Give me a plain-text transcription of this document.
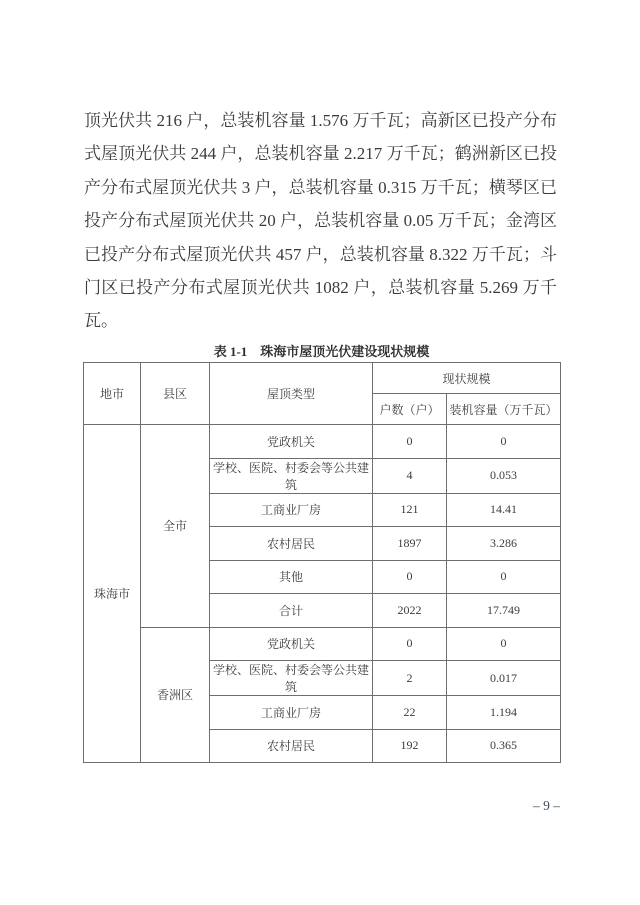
顶光伏共 216 户，总装机容量 1.576 万千瓦；高新区已投产分布
式屋顶光伏共 244 户，总装机容量 2.217 万千瓦；鹤洲新区已投
产分布式屋顶光伏共 3 户，总装机容量 0.315 万千瓦；横琴区已
投产分布式屋顶光伏共 20 户，总装机容量 0.05 万千瓦；金湾区
已投产分布式屋顶光伏共 457 户，总装机容量 8.322 万千瓦；斗
门区已投产分布式屋顶光伏共 1082 户，总装机容量 5.269 万千
瓦。
表 1-1　珠海市屋顶光伏建设现状规模
地市	县区	屋顶类型	现状规模	
			户数（户）	装机容量（万千瓦）
珠海市	全市	党政机关	0	0
		学校、医院、村委会等公共建筑	4	0.053
		工商业厂房	121	14.41
		农村居民	1897	3.286
		其他	0	0
		合计	2022	17.749
	香洲区	党政机关	0	0
		学校、医院、村委会等公共建筑	2	0.017
		工商业厂房	22	1.194
		农村居民	192	0.365
– 9 –
